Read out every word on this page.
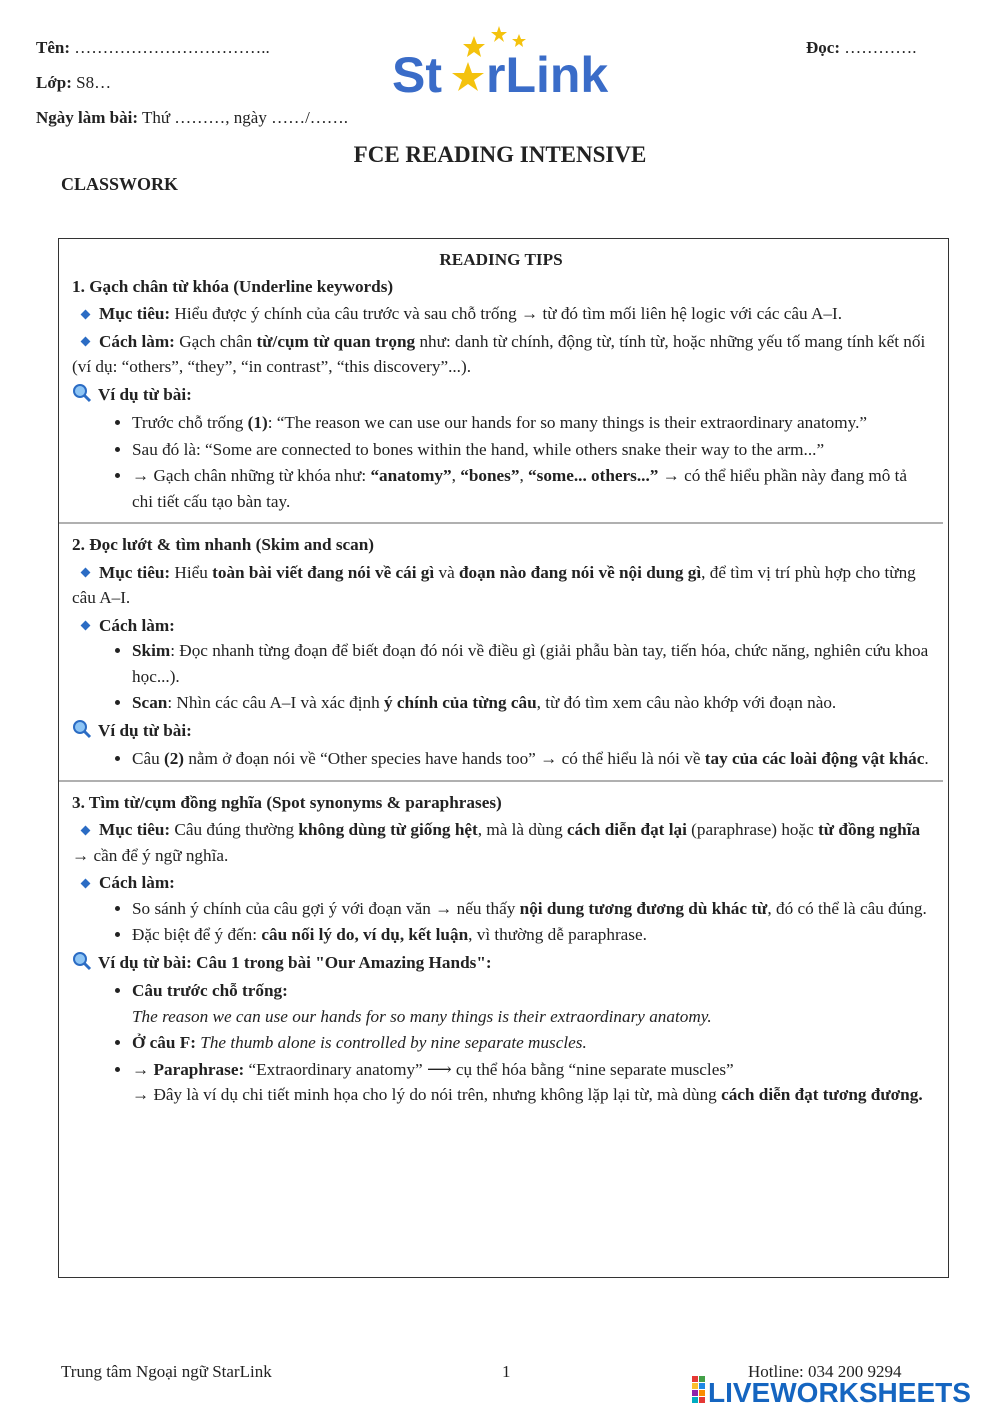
Tên: ……………………………..
Lớp: S8…
Ngày làm bài: Thứ ………, ngày ……/…….
Đọc: ………….
St rLink
FCE READING INTENSIVE
CLASSWORK
READING TIPS
1. Gạch chân từ khóa (Underline keywords)
Mục tiêu: Hiểu được ý chính của câu trước và sau chỗ trống → từ đó tìm mối liên hệ logic với các câu A–I.
Cách làm: Gạch chân từ/cụm từ quan trọng như: danh từ chính, động từ, tính từ, hoặc những yếu tố mang tính kết nối (ví dụ: “others”, “they”, “in contrast”, “this discovery”...).
Ví dụ từ bài:
• Trước chỗ trống (1): “The reason we can use our hands for so many things is their extraordinary anatomy.”
• Sau đó là: “Some are connected to bones within the hand, while others snake their way to the arm...”
• → Gạch chân những từ khóa như: “anatomy”, “bones”, “some... others...” → có thể hiểu phần này đang mô tả chi tiết cấu tạo bàn tay.
2. Đọc lướt & tìm nhanh (Skim and scan)
Mục tiêu: Hiểu toàn bài viết đang nói về cái gì và đoạn nào đang nói về nội dung gì, để tìm vị trí phù hợp cho từng câu A–I.
Cách làm:
• Skim: Đọc nhanh từng đoạn để biết đoạn đó nói về điều gì (giải phẫu bàn tay, tiến hóa, chức năng, nghiên cứu khoa học...).
• Scan: Nhìn các câu A–I và xác định ý chính của từng câu, từ đó tìm xem câu nào khớp với đoạn nào.
Ví dụ từ bài:
• Câu (2) nằm ở đoạn nói về “Other species have hands too” → có thể hiểu là nói về tay của các loài động vật khác.
3. Tìm từ/cụm đồng nghĩa (Spot synonyms & paraphrases)
Mục tiêu: Câu đúng thường không dùng từ giống hệt, mà là dùng cách diễn đạt lại (paraphrase) hoặc từ đồng nghĩa → cần để ý ngữ nghĩa.
Cách làm:
• So sánh ý chính của câu gợi ý với đoạn văn → nếu thấy nội dung tương đương dù khác từ, đó có thể là câu đúng.
• Đặc biệt để ý đến: câu nối lý do, ví dụ, kết luận, vì thường dễ paraphrase.
Ví dụ từ bài: Câu 1 trong bài "Our Amazing Hands":
• Câu trước chỗ trống:
The reason we can use our hands for so many things is their extraordinary anatomy.
• Ở câu F: The thumb alone is controlled by nine separate muscles.
• → Paraphrase: “Extraordinary anatomy” ⟶ cụ thể hóa bằng “nine separate muscles”
→ Đây là ví dụ chi tiết minh họa cho lý do nói trên, nhưng không lặp lại từ, mà dùng cách diễn đạt tương đương.
Trung tâm Ngoại ngữ StarLink	1	Hotline: 034 200 9294
LIVEWORKSHEETS
